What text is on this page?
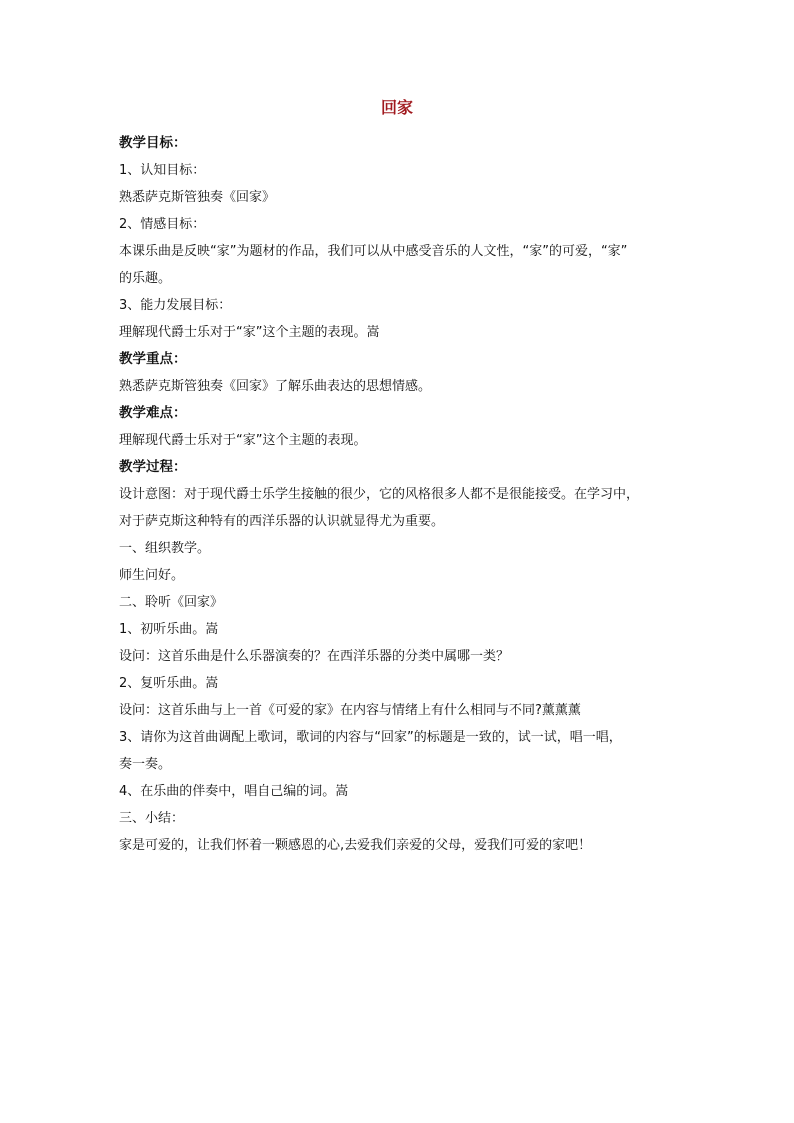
回家
教学目标：
1、认知目标：
熟悉萨克斯管独奏《回家》
2、情感目标：
本课乐曲是反映“家”为题材的作品，我们可以从中感受音乐的人文性，“家”的可爱，“家”
的乐趣。
3、能力发展目标：
理解现代爵士乐对于“家”这个主题的表现。嵩
教学重点：
熟悉萨克斯管独奏《回家》了解乐曲表达的思想情感。
教学难点：
理解现代爵士乐对于“家”这个主题的表现。
教学过程：
设计意图：对于现代爵士乐学生接触的很少，它的风格很多人都不是很能接受。在学习中，
对于萨克斯这种特有的西洋乐器的认识就显得尤为重要。
一、组织教学。
师生问好。
二、聆听《回家》
1、初听乐曲。嵩
设问：这首乐曲是什么乐器演奏的？在西洋乐器的分类中属哪一类？
2、复听乐曲。嵩
设问：这首乐曲与上一首《可爱的家》在内容与情绪上有什么相同与不同?薰薰薰
3、请你为这首曲调配上歌词，歌词的内容与“回家”的标题是一致的，试一试，唱一唱，
奏一奏。
4、在乐曲的伴奏中，唱自己编的词。嵩
三、小结：
家是可爱的，让我们怀着一颗感恩的心,去爱我们亲爱的父母，爱我们可爱的家吧！
